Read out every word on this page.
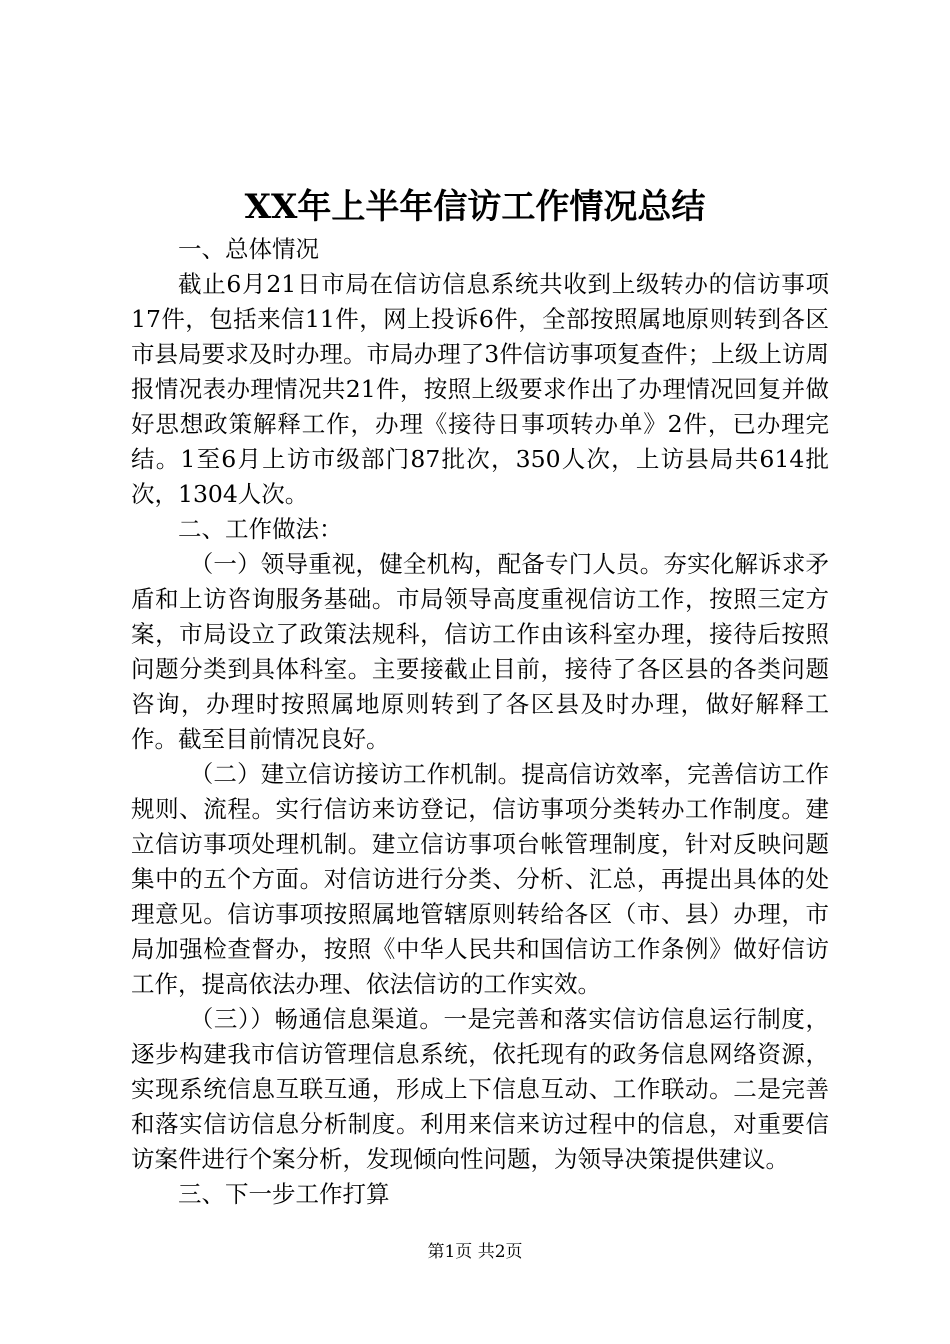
XX年上半年信访工作情况总结

一、总体情况

截止6月21日市局在信访信息系统共收到上级转办的信访事项17件，包括来信11件，网上投诉6件，全部按照属地原则转到各区市县局要求及时办理。市局办理了3件信访事项复查件；上级上访周报情况表办理情况共21件，按照上级要求作出了办理情况回复并做好思想政策解释工作，办理《接待日事项转办单》2件，已办理完结。1至6月上访市级部门87批次，350人次，上访县局共614批次，1304人次。

二、工作做法：

（一）领导重视，健全机构，配备专门人员。夯实化解诉求矛盾和上访咨询服务基础。市局领导高度重视信访工作，按照三定方案，市局设立了政策法规科，信访工作由该科室办理，接待后按照问题分类到具体科室。主要接截止目前，接待了各区县的各类问题咨询，办理时按照属地原则转到了各区县及时办理，做好解释工作。截至目前情况良好。

（二）建立信访接访工作机制。提高信访效率，完善信访工作规则、流程。实行信访来访登记，信访事项分类转办工作制度。建立信访事项处理机制。建立信访事项台帐管理制度，针对反映问题集中的五个方面。对信访进行分类、分析、汇总，再提出具体的处理意见。信访事项按照属地管辖原则转给各区（市、县）办理，市局加强检查督办，按照《中华人民共和国信访工作条例》做好信访工作，提高依法办理、依法信访的工作实效。

（三））畅通信息渠道。一是完善和落实信访信息运行制度，逐步构建我市信访管理信息系统，依托现有的政务信息网络资源，实现系统信息互联互通，形成上下信息互动、工作联动。二是完善和落实信访信息分析制度。利用来信来访过程中的信息，对重要信访案件进行个案分析，发现倾向性问题，为领导决策提供建议。

三、下一步工作打算

第1页 共2页
